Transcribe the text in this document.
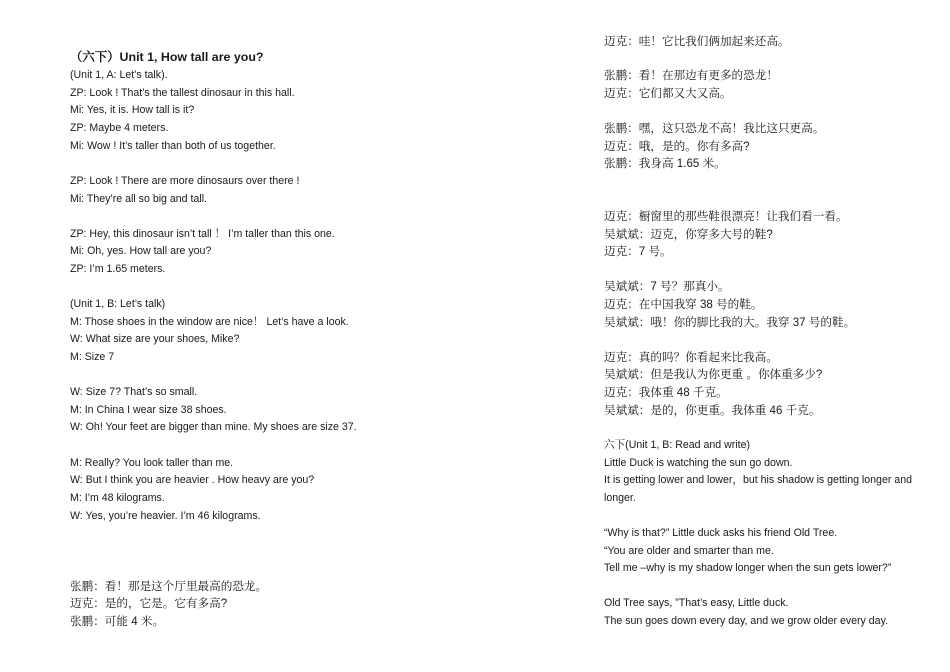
（六下）Unit 1, How tall are you?
(Unit 1, A: Let’s talk).
ZP: Look ! That’s the tallest dinosaur in this hall.
Mi: Yes, it is. How tall is it?
ZP: Maybe 4 meters.
Mi: Wow ! It’s taller than both of us together.
ZP: Look ! There are more dinosaurs over there !
Mi: They’re all so big and tall.
ZP: Hey, this dinosaur isn’t tall ！ I’m taller than this one.
Mi: Oh, yes. How tall are you?
ZP: I’m 1.65 meters.
(Unit 1, B: Let’s talk)
M: Those shoes in the window are nice！ Let’s have a look.
W: What size are your shoes, Mike?
M: Size 7
W: Size 7? That’s so small.
M: In China I wear size 38 shoes.
W: Oh! Your feet are bigger than mine. My shoes are size 37.
M: Really? You look taller than me.
W: But I think you are heavier . How heavy are you?
M: I’m 48 kilograms.
W: Yes, you’re heavier. I’m 46 kilograms.
张鹏：看！那是这个厅里最高的恐龙。
迈克：是的，它是。它有多高?
张鹏：可能 4 米。
迈克：哇！它比我们俩加起来还高。
张鹏：看！在那边有更多的恐龙！
迈克：它们都又大又高。
张鹏：嘿，这只恐龙不高！我比这只更高。
迈克：哦，是的。你有多高?
张鹏：我身高 1.65 米。
迈克：橱窗里的那些鞋很漂亮！让我们看一看。
吴斌斌：迈克，你穿多大号的鞋?
迈克：7 号。
吴斌斌：7 号？那真小。
迈克：在中国我穿 38 号的鞋。
吴斌斌：哦！你的脚比我的大。我穿 37 号的鞋。
迈克：真的吗？你看起来比我高。
吴斌斌：但是我认为你更重 。你体重多少?
迈克：我体重 48 千克。
吴斌斌：是的，你更重。我体重 46 千克。
六下(Unit 1, B: Read and write)
Little Duck is watching the sun go down.
It is getting lower and lower，but his shadow is getting longer and
longer.
“Why is that?” Little duck asks his friend Old Tree.
“You are older and smarter than me.
Tell me –why is my shadow longer when the sun gets lower?”
Old Tree says, ”That’s easy, Little duck.
The sun goes down every day, and we grow older every day.
